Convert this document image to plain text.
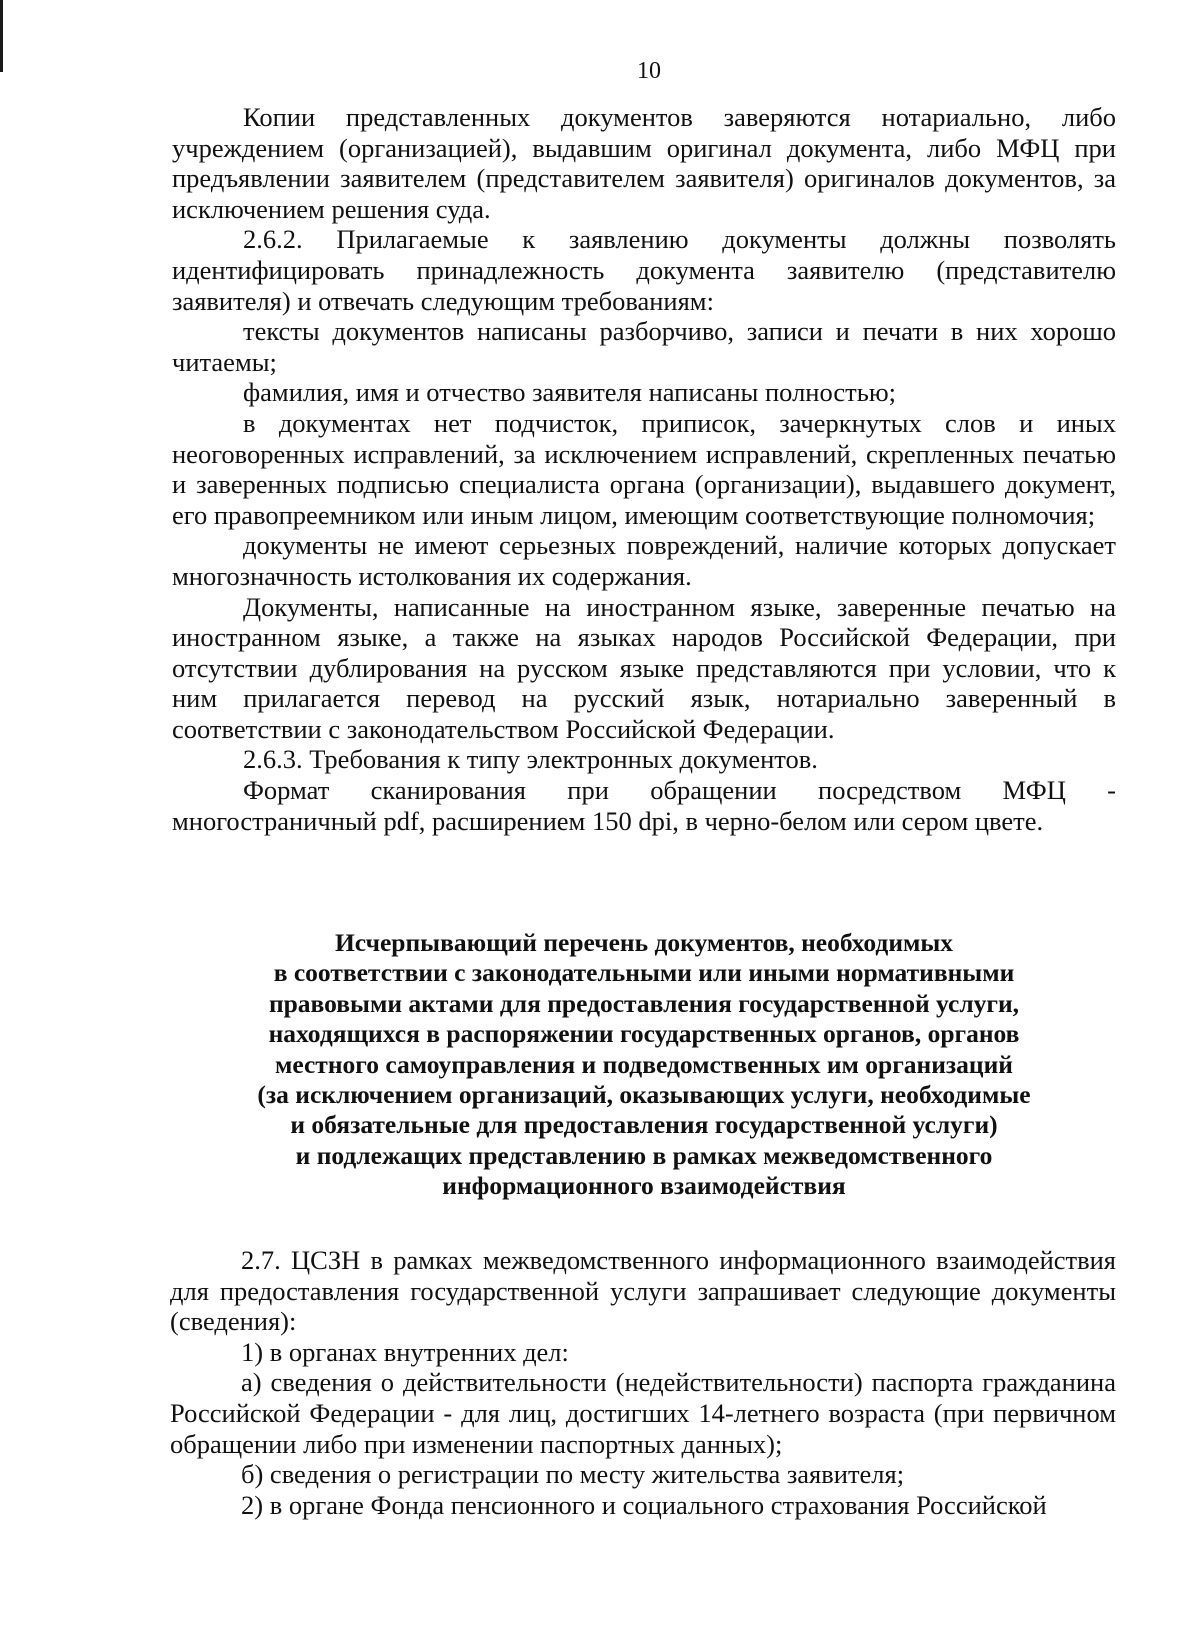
10

Копии представленных документов заверяются нотариально, либо учреждением (организацией), выдавшим оригинал документа, либо МФЦ при предъявлении заявителем (представителем заявителя) оригиналов документов, за исключением решения суда.

2.6.2. Прилагаемые к заявлению документы должны позволять идентифицировать принадлежность документа заявителю (представителю заявителя) и отвечать следующим требованиям:

тексты документов написаны разборчиво, записи и печати в них хорошо читаемы;

фамилия, имя и отчество заявителя написаны полностью;

в документах нет подчисток, приписок, зачеркнутых слов и иных неоговоренных исправлений, за исключением исправлений, скрепленных печатью и заверенных подписью специалиста органа (организации), выдавшего документ, его правопреемником или иным лицом, имеющим соответствующие полномочия;

документы не имеют серьезных повреждений, наличие которых допускает многозначность истолкования их содержания.

Документы, написанные на иностранном языке, заверенные печатью на иностранном языке, а также на языках народов Российской Федерации, при отсутствии дублирования на русском языке представляются при условии, что к ним прилагается перевод на русский язык, нотариально заверенный в соответствии с законодательством Российской Федерации.

2.6.3. Требования к типу электронных документов.

Формат сканирования при обращении посредством МФЦ - многостраничный pdf, расширением 150 dpi, в черно-белом или сером цвете.

Исчерпывающий перечень документов, необходимых
в соответствии с законодательными или иными нормативными
правовыми актами для предоставления государственной услуги,
находящихся в распоряжении государственных органов, органов
местного самоуправления и подведомственных им организаций
(за исключением организаций, оказывающих услуги, необходимые
и обязательные для предоставления государственной услуги)
и подлежащих представлению в рамках межведомственного
информационного взаимодействия

2.7. ЦСЗН в рамках межведомственного информационного взаимодействия для предоставления государственной услуги запрашивает следующие документы (сведения):

1) в органах внутренних дел:

а) сведения о действительности (недействительности) паспорта гражданина Российской Федерации - для лиц, достигших 14-летнего возраста (при первичном обращении либо при изменении паспортных данных);

б) сведения о регистрации по месту жительства заявителя;

2) в органе Фонда пенсионного и социального страхования Российской
